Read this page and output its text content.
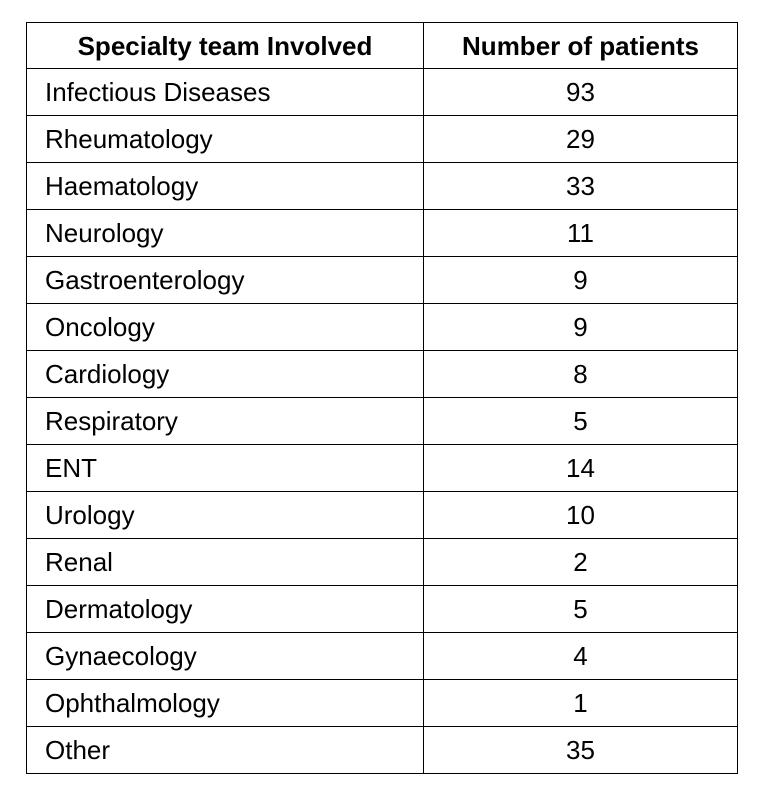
Specialty team Involved	Number of patients
Infectious Diseases	93
Rheumatology	29
Haematology	33
Neurology	11
Gastroenterology	9
Oncology	9
Cardiology	8
Respiratory	5
ENT	14
Urology	10
Renal	2
Dermatology	5
Gynaecology	4
Ophthalmology	1
Other	35
